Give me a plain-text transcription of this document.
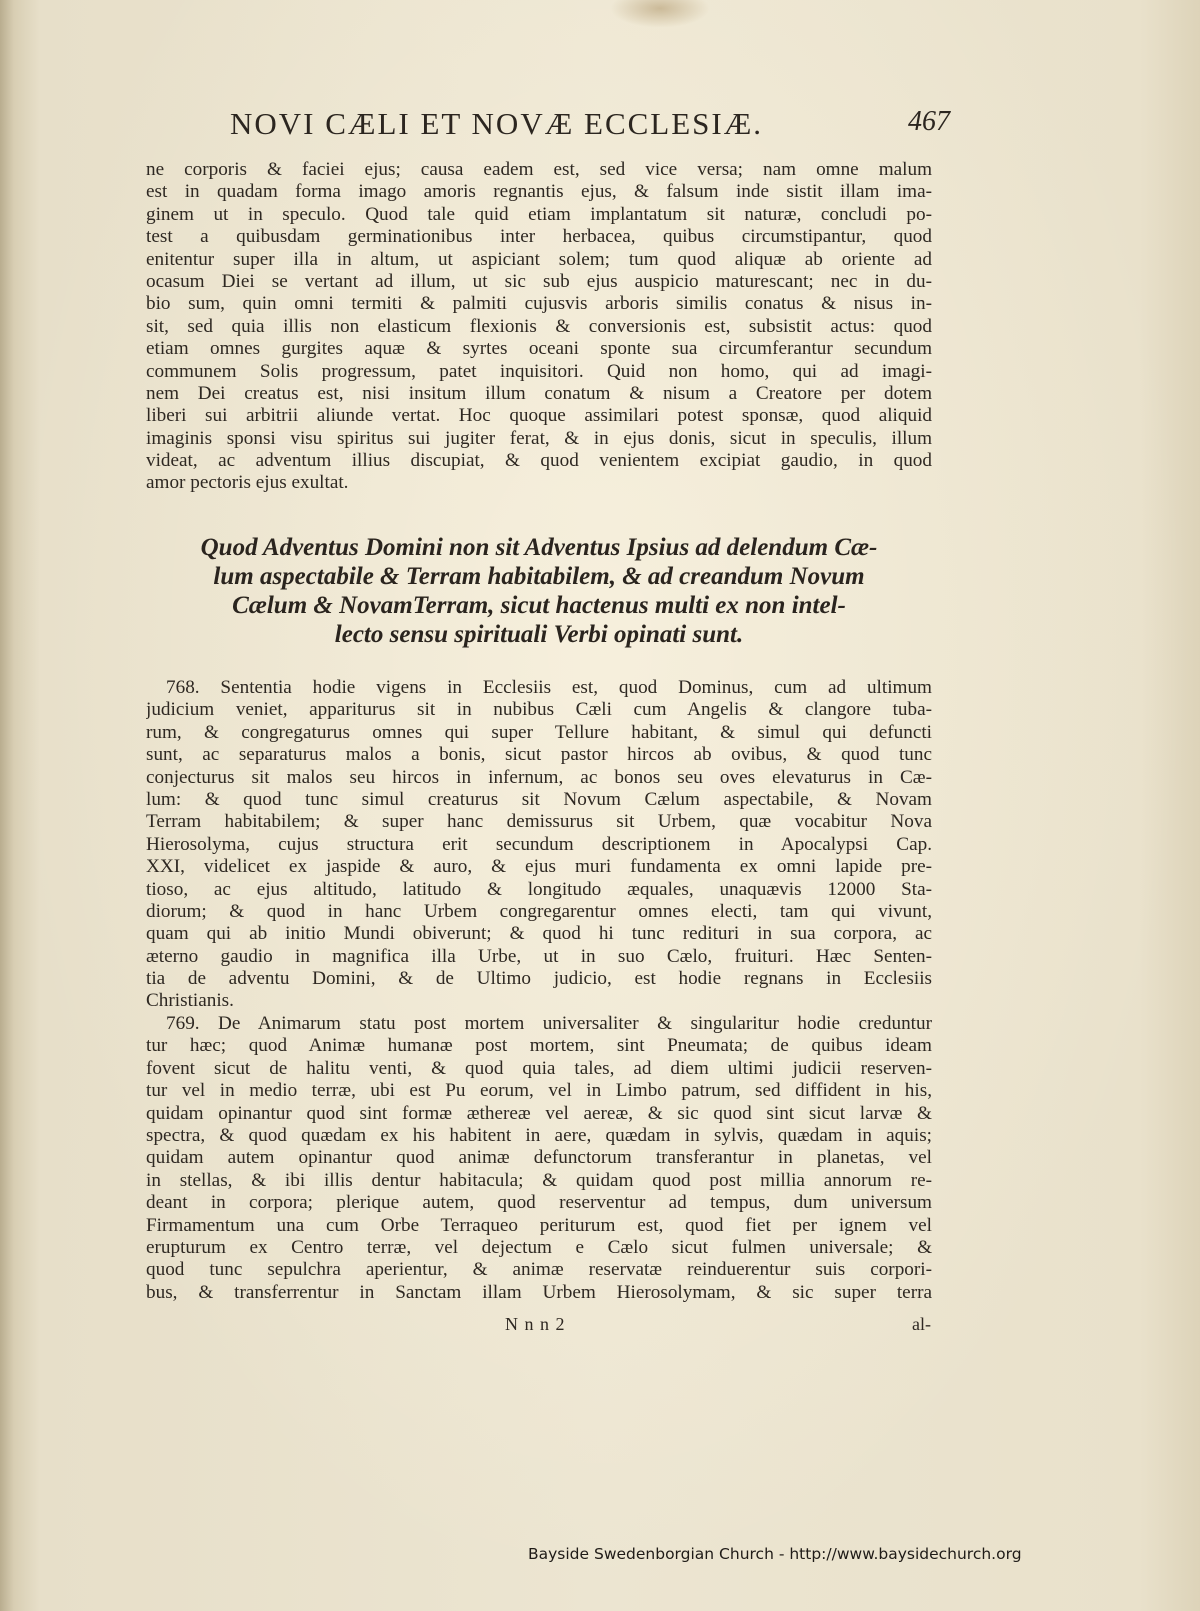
NOVI CÆLI ET NOVÆ ECCLESIÆ.	467
ne corporis & faciei ejus; causa eadem est, sed vice versa; nam omne malum
est in quadam forma imago amoris regnantis ejus, & falsum inde sistit illam ima-
ginem ut in speculo. Quod tale quid etiam implantatum sit naturæ, concludi po-
test a quibusdam germinationibus inter herbacea, quibus circumstipantur, quod
enitentur super illa in altum, ut aspiciant solem; tum quod aliquæ ab oriente ad
ocasum Diei se vertant ad illum, ut sic sub ejus auspicio maturescant; nec in du-
bio sum, quin omni termiti & palmiti cujusvis arboris similis conatus & nisus in-
sit, sed quia illis non elasticum flexionis & conversionis est, subsistit actus: quod
etiam omnes gurgites aquæ & syrtes oceani sponte sua circumferantur secundum
communem Solis progressum, patet inquisitori. Quid non homo, qui ad imagi-
nem Dei creatus est, nisi insitum illum conatum & nisum a Creatore per dotem
liberi sui arbitrii aliunde vertat. Hoc quoque assimilari potest sponsæ, quod aliquid
imaginis sponsi visu spiritus sui jugiter ferat, & in ejus donis, sicut in speculis, illum
videat, ac adventum illius discupiat, & quod venientem excipiat gaudio, in quod
amor pectoris ejus exultat.
Quod Adventus Domini non sit Adventus Ipsius ad delendum Cæ-
lum aspectabile & Terram habitabilem, & ad creandum Novum
Cælum & NovamTerram, sicut hactenus multi ex non intel-
lecto sensu spirituali Verbi opinati sunt.
768. Sententia hodie vigens in Ecclesiis est, quod Dominus, cum ad ultimum
judicium veniet, appariturus sit in nubibus Cæli cum Angelis & clangore tuba-
rum, & congregaturus omnes qui super Tellure habitant, & simul qui defuncti
sunt, ac separaturus malos a bonis, sicut pastor hircos ab ovibus, & quod tunc
conjecturus sit malos seu hircos in infernum, ac bonos seu oves elevaturus in Cæ-
lum: & quod tunc simul creaturus sit Novum Cælum aspectabile, & Novam
Terram habitabilem; & super hanc demissurus sit Urbem, quæ vocabitur Nova
Hierosolyma, cujus structura erit secundum descriptionem in Apocalypsi Cap.
XXI, videlicet ex jaspide & auro, & ejus muri fundamenta ex omni lapide pre-
tioso, ac ejus altitudo, latitudo & longitudo æquales, unaquævis 12000 Sta-
diorum; & quod in hanc Urbem congregarentur omnes electi, tam qui vivunt,
quam qui ab initio Mundi obiverunt; & quod hi tunc redituri in sua corpora, ac
æterno gaudio in magnifica illa Urbe, ut in suo Cælo, fruituri. Hæc Senten-
tia de adventu Domini, & de Ultimo judicio, est hodie regnans in Ecclesiis
Christianis.
769. De Animarum statu post mortem universaliter & singularitur hodie creduntur
tur hæc; quod Animæ humanæ post mortem, sint Pneumata; de quibus ideam
fovent sicut de halitu venti, & quod quia tales, ad diem ultimi judicii reserven-
tur vel in medio terræ, ubi est Pu eorum, vel in Limbo patrum, sed diffident in his,
quidam opinantur quod sint formæ æthereæ vel aereæ, & sic quod sint sicut larvæ &
spectra, & quod quædam ex his habitent in aere, quædam in sylvis, quædam in aquis;
quidam autem opinantur quod animæ defunctorum transferantur in planetas, vel
in stellas, & ibi illis dentur habitacula; & quidam quod post millia annorum re-
deant in corpora; plerique autem, quod reserventur ad tempus, dum universum
Firmamentum una cum Orbe Terraqueo periturum est, quod fiet per ignem vel
erupturum ex Centro terræ, vel dejectum e Cælo sicut fulmen universale; &
quod tunc sepulchra aperientur, & animæ reservatæ reinduerentur suis corpori-
bus, & transferrentur in Sanctam illam Urbem Hierosolymam, & sic super terra
N n n 2	al-
Bayside Swedenborgian Church - http://www.baysidechurch.org
